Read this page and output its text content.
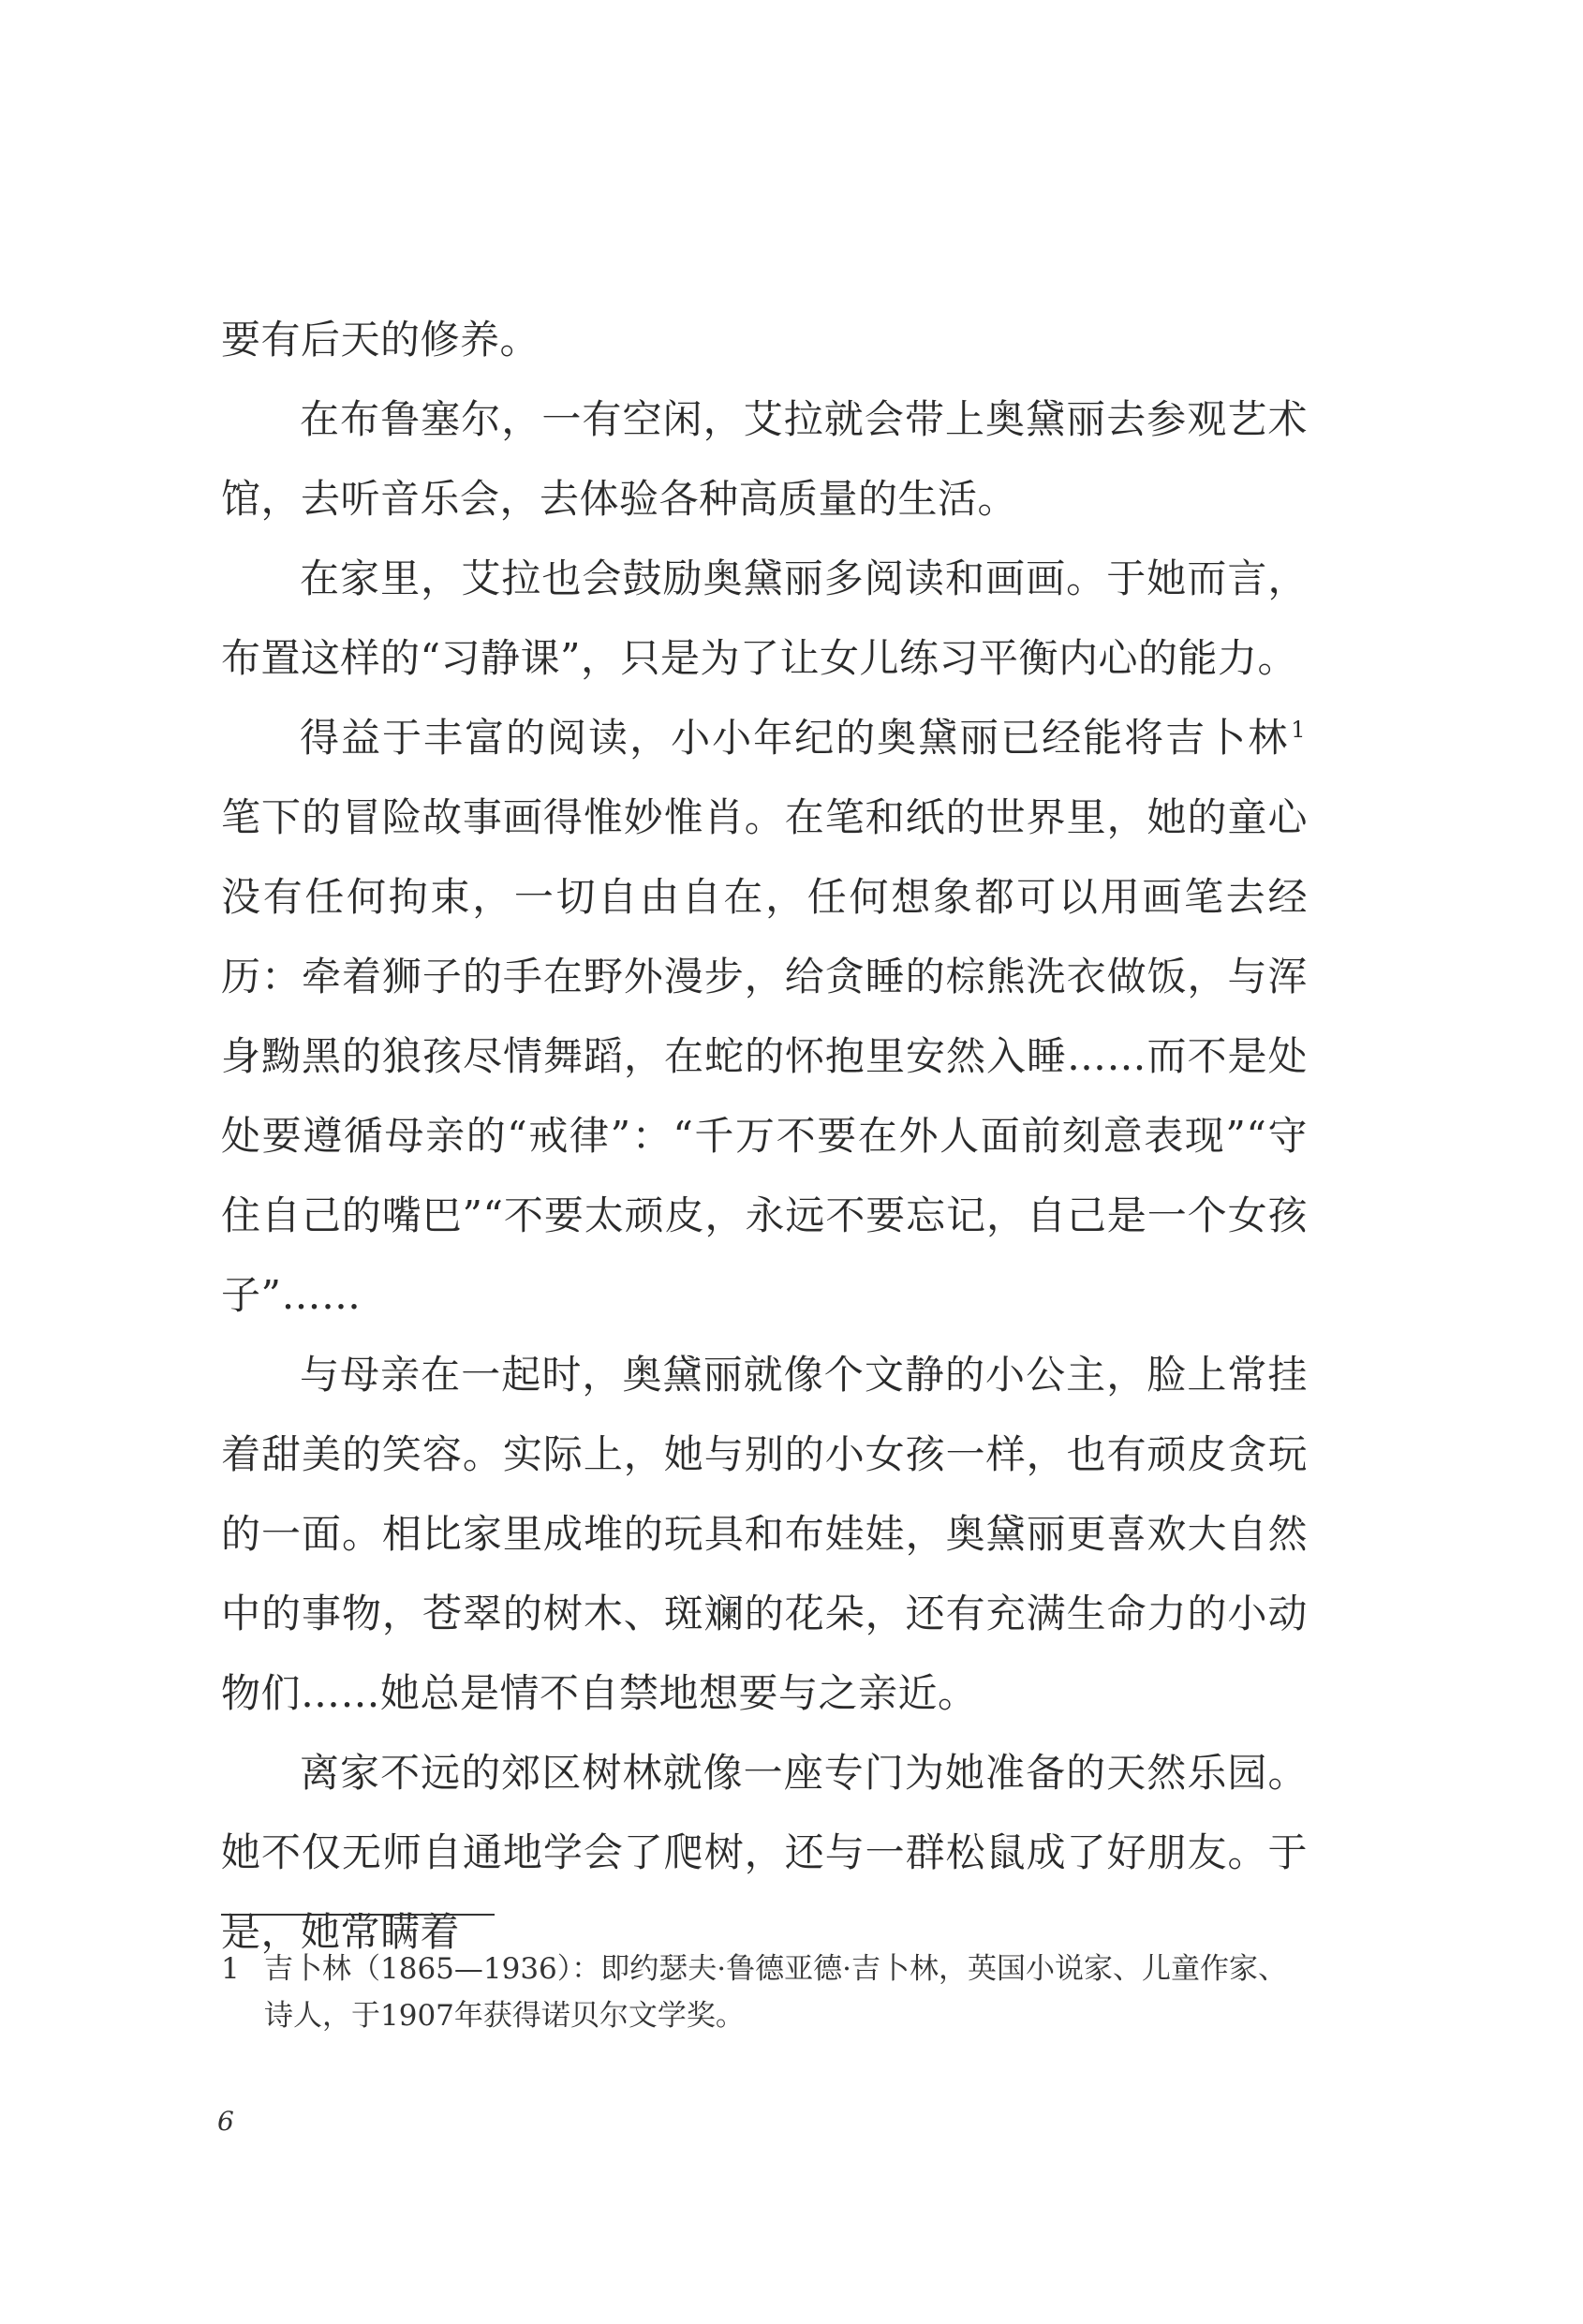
要有后天的修养。

在布鲁塞尔，一有空闲，艾拉就会带上奥黛丽去参观艺术馆，去听音乐会，去体验各种高质量的生活。

在家里，艾拉也会鼓励奥黛丽多阅读和画画。于她而言，布置这样的“习静课”，只是为了让女儿练习平衡内心的能力。

得益于丰富的阅读，小小年纪的奥黛丽已经能将吉卜林$^1$笔下的冒险故事画得惟妙惟肖。在笔和纸的世界里，她的童心没有任何拘束，一切自由自在，任何想象都可以用画笔去经历：牵着狮子的手在野外漫步，给贪睡的棕熊洗衣做饭，与浑身黝黑的狼孩尽情舞蹈，在蛇的怀抱里安然入睡……而不是处处要遵循母亲的“戒律”：“千万不要在外人面前刻意表现”“守住自己的嘴巴”“不要太顽皮，永远不要忘记，自己是一个女孩子”……

与母亲在一起时，奥黛丽就像个文静的小公主，脸上常挂着甜美的笑容。实际上，她与别的小女孩一样，也有顽皮贪玩的一面。相比家里成堆的玩具和布娃娃，奥黛丽更喜欢大自然中的事物，苍翠的树木、斑斓的花朵，还有充满生命力的小动物们……她总是情不自禁地想要与之亲近。

离家不远的郊区树林就像一座专门为她准备的天然乐园。她不仅无师自通地学会了爬树，还与一群松鼠成了好朋友。于是，她常瞒着

1 吉卜林（1865—1936）：即约瑟夫·鲁德亚德·吉卜林，英国小说家、儿童作家、诗人，于1907年获得诺贝尔文学奖。
6
